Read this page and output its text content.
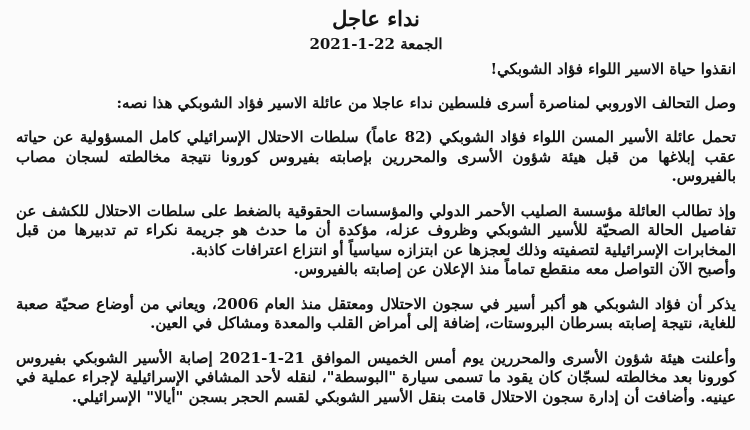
نداء عاجل
الجمعة 22-1-2021

انقذوا حياة الاسير اللواء فؤاد الشوبكي!

وصل التحالف الاوروبي لمناصرة أسرى فلسطين نداء عاجلا من عائلة الاسير فؤاد الشوبكي هذا نصه:

تحمل عائلة الأسير المسن اللواء فؤاد الشوبكي (82 عاماً) سلطات الاحتلال الإسرائيلي كامل المسؤولية عن حياته عقب إبلاغها من قبل هيئة شؤون الأسرى والمحررين بإصابته بفيروس كورونا نتيجة مخالطته لسجان مصاب بالفيروس.

وإذ تطالب العائلة مؤسسة الصليب الأحمر الدولي والمؤسسات الحقوقية بالضغط على سلطات الاحتلال للكشف عن تفاصيل الحالة الصحيّة للأسير الشوبكي وظروف عزله، مؤكدة أن ما حدث هو جريمة نكراء تم تدبيرها من قبل المخابرات الإسرائيلية لتصفيته وذلك لعجزها عن ابتزازه سياسياً أو انتزاع اعترافات كاذبة.

وأصبح الآن التواصل معه منقطع تماماً منذ الإعلان عن إصابته بالفيروس.

يذكر أن فؤاد الشوبكي هو أكبر أسير في سجون الاحتلال ومعتقل منذ العام 2006، ويعاني من أوضاع صحيّة صعبة للغاية، نتيجة إصابته بسرطان البروستات، إضافة إلى أمراض القلب والمعدة ومشاكل في العين.

وأعلنت هيئة شؤون الأسرى والمحررين يوم أمس الخميس الموافق 21-1-2021 إصابة الأسير الشوبكي بفيروس كورونا بعد مخالطته لسجّان كان يقود ما تسمى سيارة "البوسطة"، لنقله لأحد المشافي الإسرائيلية لإجراء عملية في عينيه. وأضافت أن إدارة سجون الاحتلال قامت بنقل الأسير الشوبكي لقسم الحجر بسجن "أيالا" الإسرائيلي.
